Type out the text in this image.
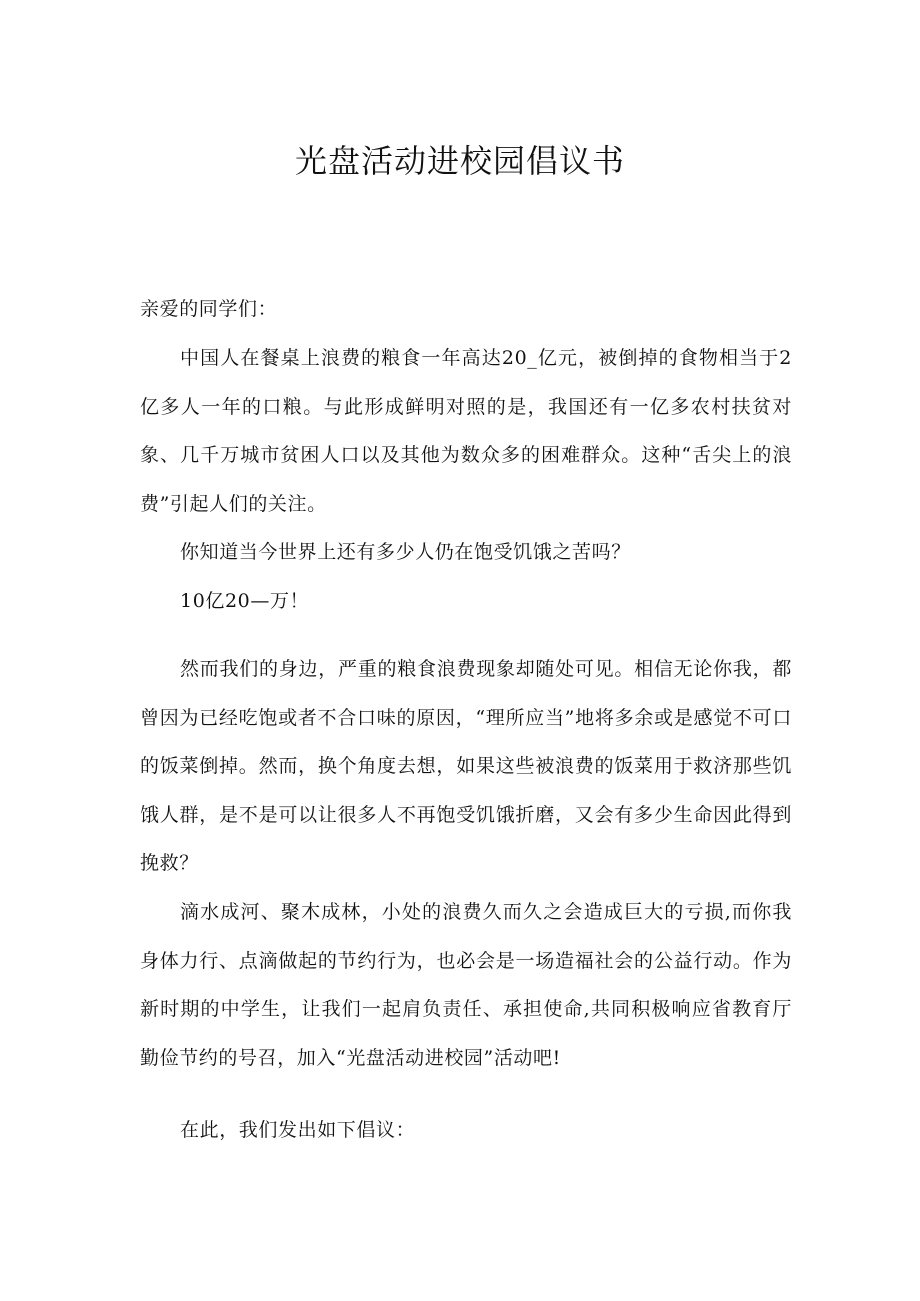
光盘活动进校园倡议书

亲爱的同学们：

中国人在餐桌上浪费的粮食一年高达20_亿元，被倒掉的食物相当于2亿多人一年的口粮。与此形成鲜明对照的是，我国还有一亿多农村扶贫对象、几千万城市贫困人口以及其他为数众多的困难群众。这种“舌尖上的浪费”引起人们的关注。

你知道当今世界上还有多少人仍在饱受饥饿之苦吗？

10亿20—万！

然而我们的身边，严重的粮食浪费现象却随处可见。相信无论你我，都曾因为已经吃饱或者不合口味的原因，“理所应当”地将多余或是感觉不可口的饭菜倒掉。然而，换个角度去想，如果这些被浪费的饭菜用于救济那些饥饿人群，是不是可以让很多人不再饱受饥饿折磨，又会有多少生命因此得到挽救？

滴水成河、聚木成林，小处的浪费久而久之会造成巨大的亏损,而你我身体力行、点滴做起的节约行为，也必会是一场造福社会的公益行动。作为新时期的中学生，让我们一起肩负责任、承担使命,共同积极响应省教育厅勤俭节约的号召，加入“光盘活动进校园”活动吧!

在此，我们发出如下倡议：
